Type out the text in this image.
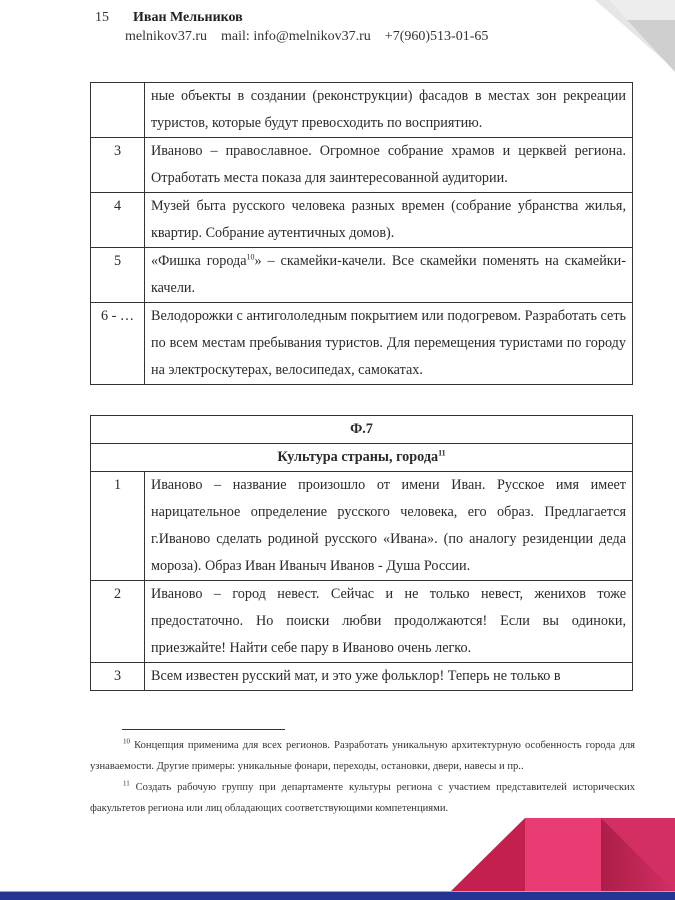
15 Иван Мельников
melnikov37.ru    mail: info@melnikov37.ru    +7(960)513-01-65
	ные объекты в создании (реконструкции) фасадов в местах зон рекреации туристов, которые будут превосходить по восприятию.
3	Иваново – православное. Огромное собрание храмов и церквей региона. Отработать места показа для заинтересованной аудитории.
4	Музей быта русского человека разных времен (собрание убранства жилья, квартир. Собрание аутентичных домов).
5	«Фишка города$^{10}$» – скамейки-качели. Все скамейки поменять на скамейки-качели.
6 - …	Велодорожки с антигололедным покрытием или подогревом. Разработать сеть по всем местам пребывания туристов. Для перемещения туристами по городу на электроскутерах, велосипедах, самокатах.
Ф.7	
Культура страны, города$^{11}$
1	Иваново – название произошло от имени Иван. Русское имя имеет нарицательное определение русского человека, его образ. Предлагается г.Иваново сделать родиной русского «Ивана». (по аналогу резиденции деда мороза). Образ Иван Иваныч Иванов - Душа России.
2	Иваново – город невест. Сейчас и не только невест, женихов тоже предостаточно. Но поиски любви продолжаются! Если вы одиноки, приезжайте! Найти себе пару в Иваново очень легко.
3	Всем известен русский мат, и это уже фольклор! Теперь не только в
$^{10}$ Концепция применима для всех регионов. Разработать уникальную архитектурную особенность города для узнаваемости. Другие примеры: уникальные фонари, переходы, остановки, двери, навесы и пр..
$^{11}$ Создать рабочую группу при департаменте культуры региона с участием представителей исторических факультетов региона или лиц обладающих соответствующими компетенциями.
